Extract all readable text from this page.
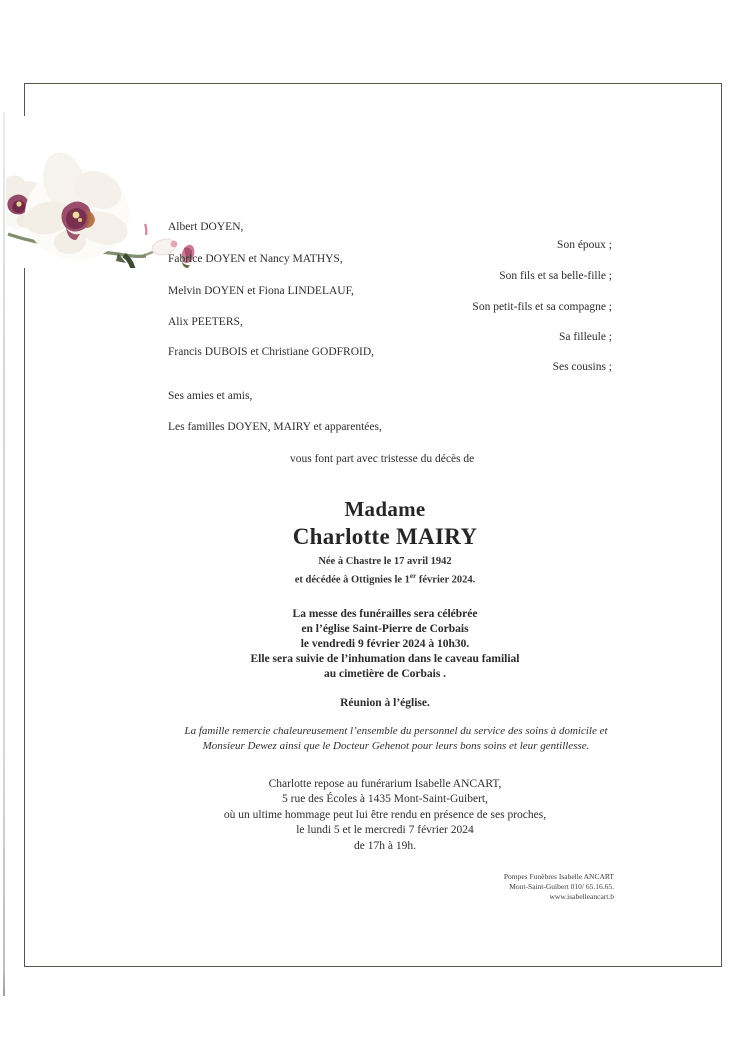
Albert DOYEN,
Son époux ;
Fabrice DOYEN et Nancy MATHYS,
Son fils et sa belle-fille ;
Melvin DOYEN et Fiona LINDELAUF,
Son petit-fils et sa compagne ;
Alix PEETERS,
Sa filleule ;
Francis DUBOIS et Christiane GODFROID,
Ses cousins ;
Ses amies et amis,
Les familles DOYEN, MAIRY et apparentées,
vous font part avec tristesse du décès de
Madame
Charlotte MAIRY
Née à Chastre le 17 avril 1942
et décédée à Ottignies le 1er février 2024.
La messe des funérailles sera célébrée
en l’église Saint-Pierre de Corbais
le vendredi 9 février 2024 à 10h30.
Elle sera suivie de l’inhumation dans le caveau familial
au cimetière de Corbais .
Réunion à l’église.
La famille remercie chaleureusement l’ensemble du personnel du service des soins à domicile et Monsieur Dewez ainsi que le Docteur Gehenot pour leurs bons soins et leur gentillesse.
Charlotte repose au funérarium Isabelle ANCART,
5 rue des Écoles à 1435 Mont-Saint-Guibert,
où un ultime hommage peut lui être rendu en présence de ses proches,
le lundi 5 et le mercredi 7 février 2024
de 17h à 19h.
Pompes Funèbres Isabelle ANCART
Mont-Saint-Guibert 010/ 65.16.65.
www.isabelleancart.b
